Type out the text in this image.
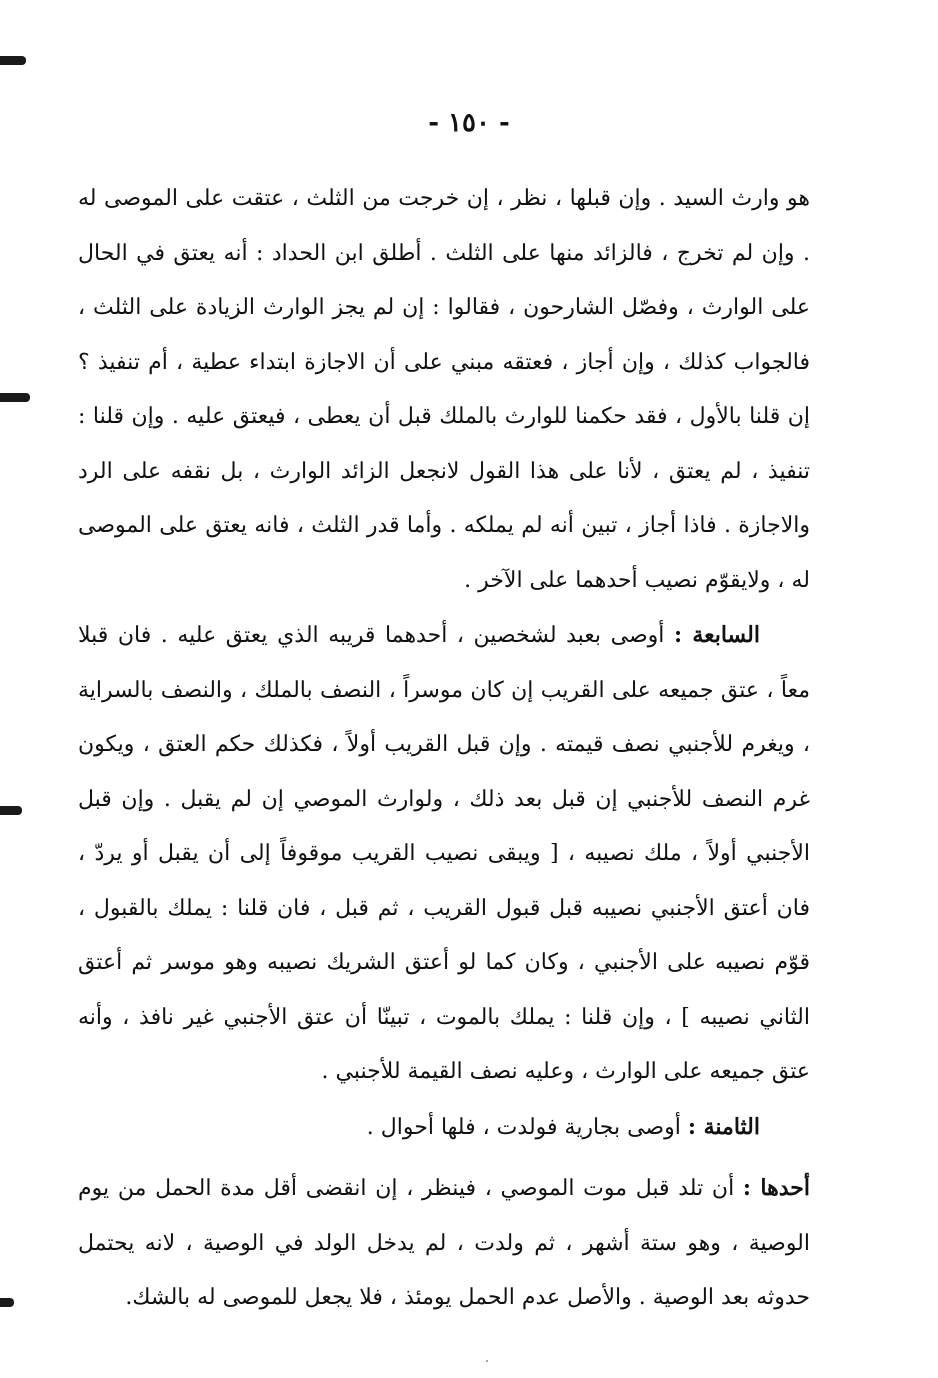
- ١٥٠ -

هو وارث السيد . وإن قبلها ، نظر ، إن خرجت من الثلث ، عتقت على الموصى له . وإن لم تخرج ، فالزائد منها على الثلث . أطلق ابن الحداد : أنه يعتق في الحال على الوارث ، وفصّل الشارحون ، فقالوا : إن لم يجز الوارث الزيادة على الثلث ، فالجواب كذلك ، وإن أجاز ، فعتقه مبني على أن الاجازة ابتداء عطية ، أم تنفيذ ؟ إن قلنا بالأول ، فقد حكمنا للوارث بالملك قبل أن يعطى ، فيعتق عليه . وإن قلنا : تنفيذ ، لم يعتق ، لأنا على هذا القول لانجعل الزائد الوارث ، بل نقفه على الرد والاجازة . فاذا أجاز ، تبين أنه لم يملكه . وأما قدر الثلث ، فانه يعتق على الموصى له ، ولايقوّم نصيب أحدهما على الآخر .

السابعة : أوصى بعبد لشخصين ، أحدهما قريبه الذي يعتق عليه . فان قبلا معاً ، عتق جميعه على القريب إن كان موسراً ، النصف بالملك ، والنصف بالسراية ، ويغرم للأجنبي نصف قيمته . وإن قبل القريب أولاً ، فكذلك حكم العتق ، ويكون غرم النصف للأجنبي إن قبل بعد ذلك ، ولوارث الموصي إن لم يقبل . وإن قبل الأجنبي أولاً ، ملك نصيبه ، [ ويبقى نصيب القريب موقوفاً إلى أن يقبل أو يردّ ، فان أعتق الأجنبي نصيبه قبل قبول القريب ، ثم قبل ، فان قلنا : يملك بالقبول ، قوّم نصيبه على الأجنبي ، وكان كما لو أعتق الشريك نصيبه وهو موسر ثم أعتق الثاني نصيبه ] ، وإن قلنا : يملك بالموت ، تبينّا أن عتق الأجنبي غير نافذ ، وأنه عتق جميعه على الوارث ، وعليه نصف القيمة للأجنبي .

الثامنة : أوصى بجارية فولدت ، فلها أحوال .

أحدها : أن تلد قبل موت الموصي ، فينظر ، إن انقضى أقل مدة الحمل من يوم الوصية ، وهو ستة أشهر ، ثم ولدت ، لم يدخل الولد في الوصية ، لانه يحتمل حدوثه بعد الوصية . والأصل عدم الحمل يومئذ ، فلا يجعل للموصى له بالشك.
